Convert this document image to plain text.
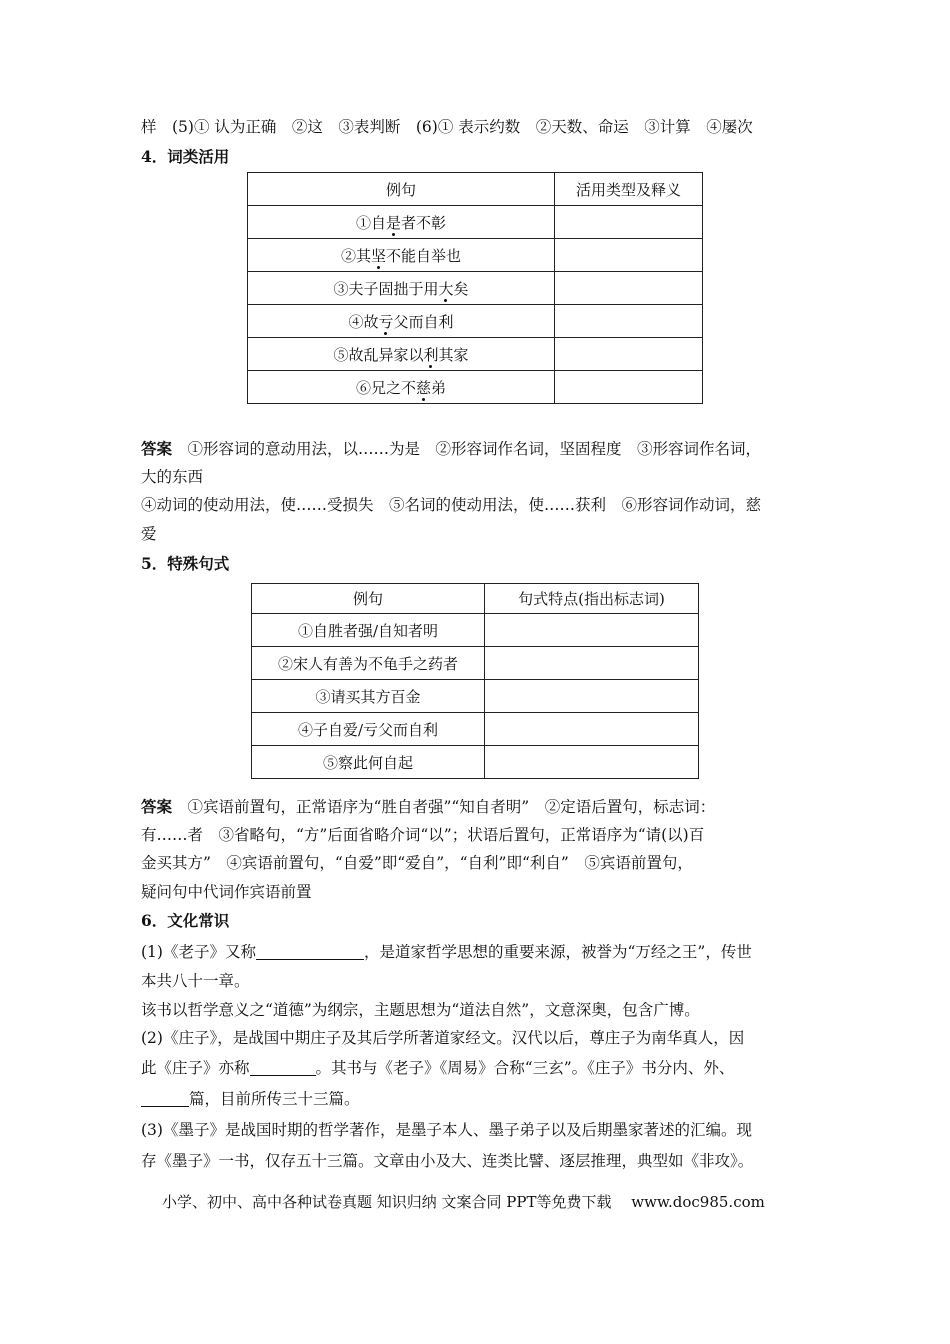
样　(5)① 认为正确　②这　③表判断　(6)① 表示约数　②天数、命运　③计算　④屡次
4．词类活用
例句	活用类型及释义
①自是者不彰	
②其坚不能自举也	
③夫子固拙于用大矣	
④故亏父而自利	
⑤故乱异家以利其家	
⑥兄之不慈弟	
答案　 ①形容词的意动用法，以……为是　②形容词作名词，坚固程度　③形容词作名词，
大的东西
④动词的使动用法，使……受损失　⑤名词的使动用法，使……获利　⑥形容词作动词，慈
爱
5．特殊句式
例句	句式特点(指出标志词)
①自胜者强/自知者明	
②宋人有善为不龟手之药者	
③请买其方百金	
④子自爱/亏父而自利	
⑤察此何自起	
答案　 ①宾语前置句，正常语序为“胜自者强”“知自者明”　②定语后置句，标志词：
有……者　③省略句，“方”后面省略介词“以”；状语后置句，正常语序为“请(以)百
金买其方”　④宾语前置句，“自爱”即“爱自”，“自利”即“利自”　⑤宾语前置句，
疑问句中代词作宾语前置
6．文化常识
(1)《老子》又称	，是道家哲学思想的重要来源，被誉为“万经之王”，传世
本共八十一章。
该书以哲学意义之“道德”为纲宗，主题思想为“道法自然”，文意深奥，包含广博。
(2)《庄子》，是战国中期庄子及其后学所著道家经文。汉代以后，尊庄子为南华真人，因
此《庄子》亦称	。其书与《老子》《周易》合称“三玄”。《庄子》书分内、外、
篇，目前所传三十三篇。
(3)《墨子》是战国时期的哲学著作，是墨子本人、墨子弟子以及后期墨家著述的汇编。现
存《墨子》一书，仅存五十三篇。文章由小及大、连类比譬、逐层推理，典型如《非攻》。
小学、初中、高中各种试卷真题 知识归纳 文案合同 PPT等免费下载　 www.doc985.com
